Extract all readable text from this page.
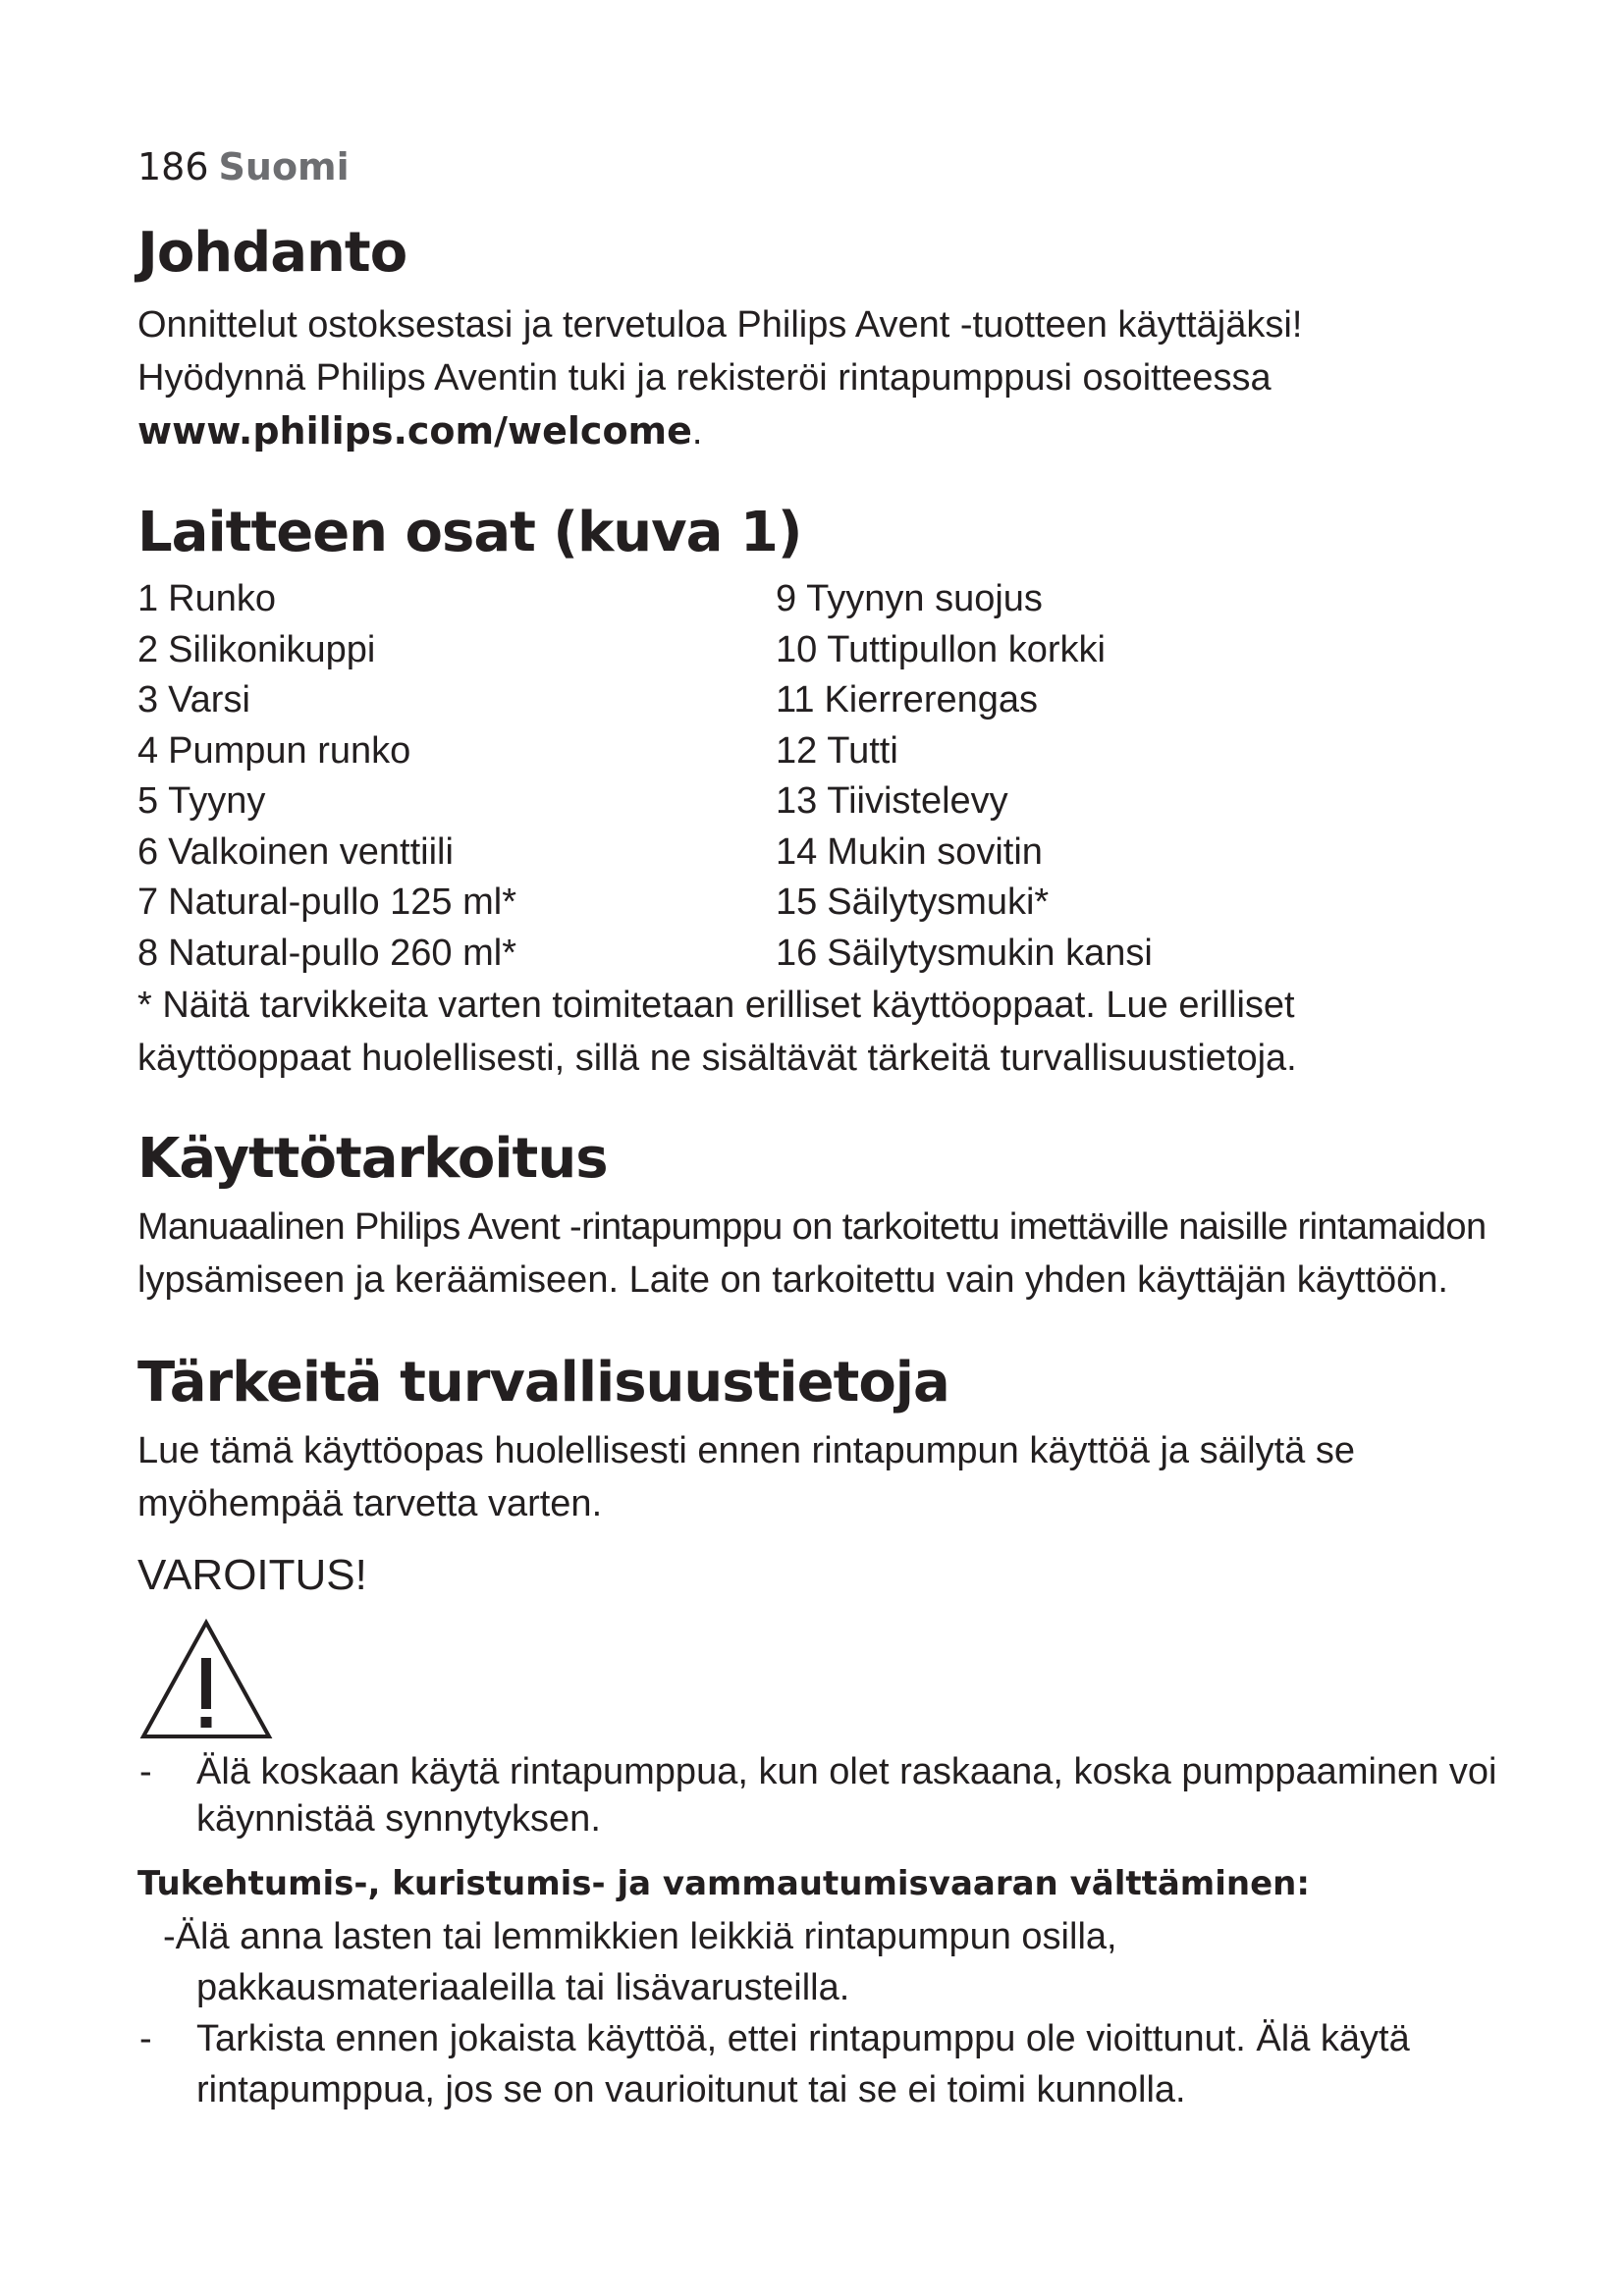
186 Suomi
Johdanto

Onnittelut ostoksestasi ja tervetuloa Philips Avent -tuotteen käyttäjäksi!

Hyödynnä Philips Aventin tuki ja rekisteröi rintapumppusi osoitteessa

www.philips.com/welcome.

Laitteen osat (kuva 1)
1 Runko
2 Silikonikuppi
3 Varsi
4 Pumpun runko
5 Tyyny
6 Valkoinen venttiili
7 Natural-pullo 125 ml*
8 Natural-pullo 260 ml*
9 Tyynyn suojus
10 Tuttipullon korkki
11 Kierrerengas
12 Tutti
13 Tiivistelevy
14 Mukin sovitin
15 Säilytysmuki*
16 Säilytysmukin kansi

* Näitä tarvikkeita varten toimitetaan erilliset käyttöoppaat. Lue erilliset

käyttöoppaat huolellisesti, sillä ne sisältävät tärkeitä turvallisuustietoja.

Käyttötarkoitus

Manuaalinen Philips Avent -rintapumppu on tarkoitettu imettäville naisille rintamaidon

lypsämiseen ja keräämiseen. Laite on tarkoitettu vain yhden käyttäjän käyttöön.

Tärkeitä turvallisuustietoja

Lue tämä käyttöopas huolellisesti ennen rintapumpun käyttöä ja säilytä se

myöhempää tarvetta varten.

VAROITUS!
- Älä koskaan käytä rintapumppua, kun olet raskaana, koska pumppaaminen voi
käynnistää synnytyksen.
Tukehtumis-, kuristumis- ja vammautumisvaaran välttäminen:
-Älä anna lasten tai lemmikkien leikkiä rintapumpun osilla,
pakkausmateriaaleilla tai lisävarusteilla.
- Tarkista ennen jokaista käyttöä, ettei rintapumppu ole vioittunut. Älä käytä
rintapumppua, jos se on vaurioitunut tai se ei toimi kunnolla.
